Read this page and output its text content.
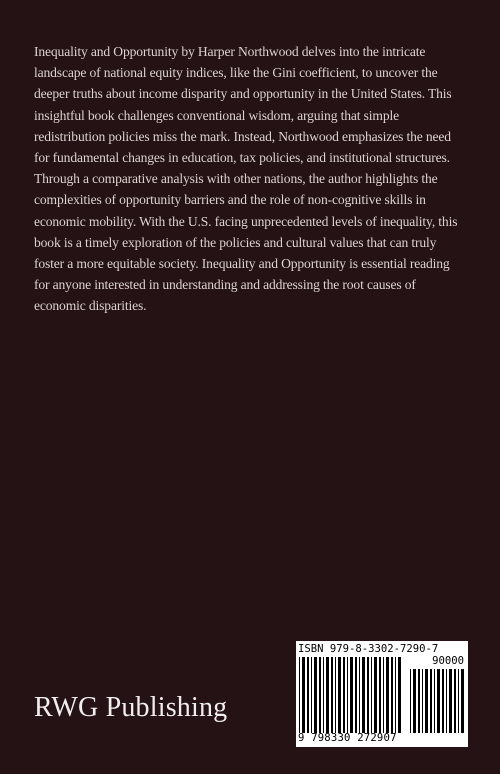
Inequality and Opportunity by Harper Northwood delves into the intricate landscape of national equity indices, like the Gini coefficient, to uncover the deeper truths about income disparity and opportunity in the United States. This insightful book challenges conventional wisdom, arguing that simple redistribution policies miss the mark. Instead, Northwood emphasizes the need for fundamental changes in education, tax policies, and institutional structures. Through a comparative analysis with other nations, the author highlights the complexities of opportunity barriers and the role of non-cognitive skills in economic mobility. With the U.S. facing unprecedented levels of inequality, this book is a timely exploration of the policies and cultural values that can truly foster a more equitable society. Inequality and Opportunity is essential reading for anyone interested in understanding and addressing the root causes of economic disparities.

RWG Publishing
ISBN 979-8-3302-7290-7
90000
9 798330 272907
